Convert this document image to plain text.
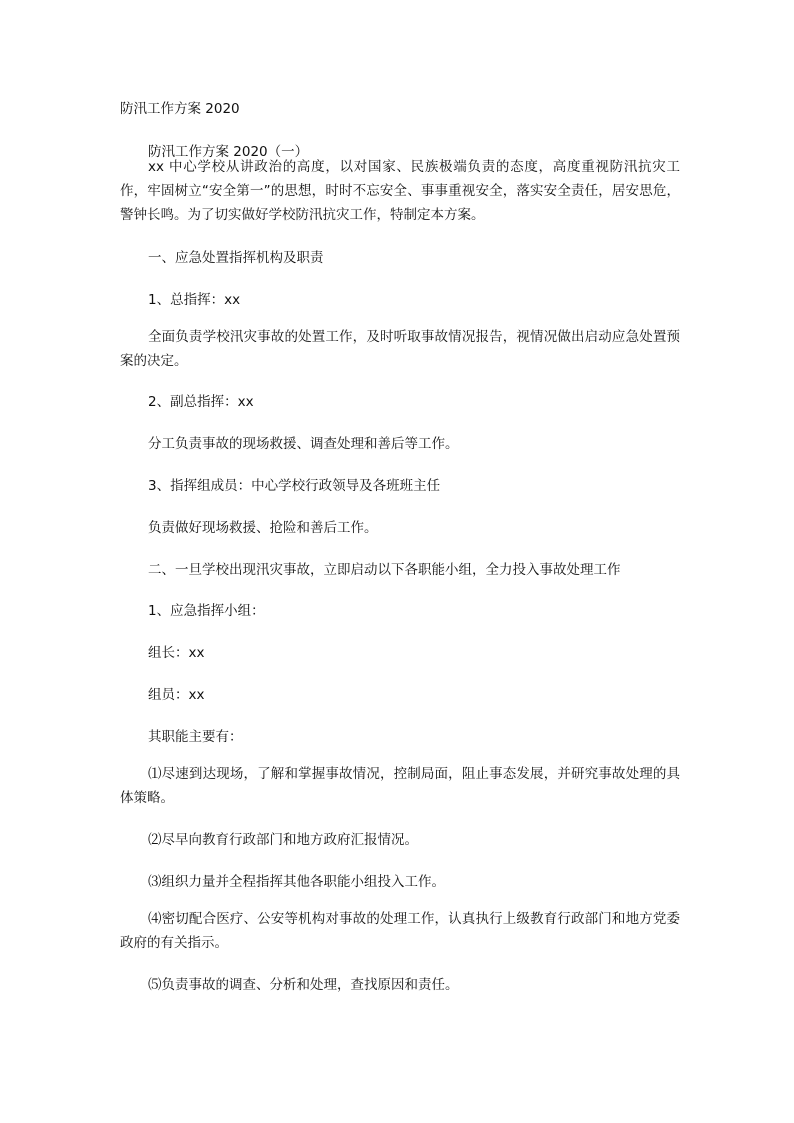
防汛工作方案 2020
防汛工作方案 2020（一）
xx 中心学校从讲政治的高度，以对国家、民族极端负责的态度，高度重视防汛抗灾工作，牢固树立“安全第一”的思想，时时不忘安全、事事重视安全，落实安全责任，居安思危，警钟长鸣。为了切实做好学校防汛抗灾工作，特制定本方案。
一、应急处置指挥机构及职责
1、总指挥：xx
全面负责学校汛灾事故的处置工作，及时听取事故情况报告，视情况做出启动应急处置预案的决定。
2、副总指挥：xx
分工负责事故的现场救援、调查处理和善后等工作。
3、指挥组成员：中心学校行政领导及各班班主任
负责做好现场救援、抢险和善后工作。
二、一旦学校出现汛灾事故，立即启动以下各职能小组，全力投入事故处理工作
1、应急指挥小组：
组长：xx
组员：xx
其职能主要有：
⑴尽速到达现场，了解和掌握事故情况，控制局面，阻止事态发展，并研究事故处理的具体策略。
⑵尽早向教育行政部门和地方政府汇报情况。
⑶组织力量并全程指挥其他各职能小组投入工作。
⑷密切配合医疗、公安等机构对事故的处理工作，认真执行上级教育行政部门和地方党委政府的有关指示。
⑸负责事故的调查、分析和处理，查找原因和责任。
